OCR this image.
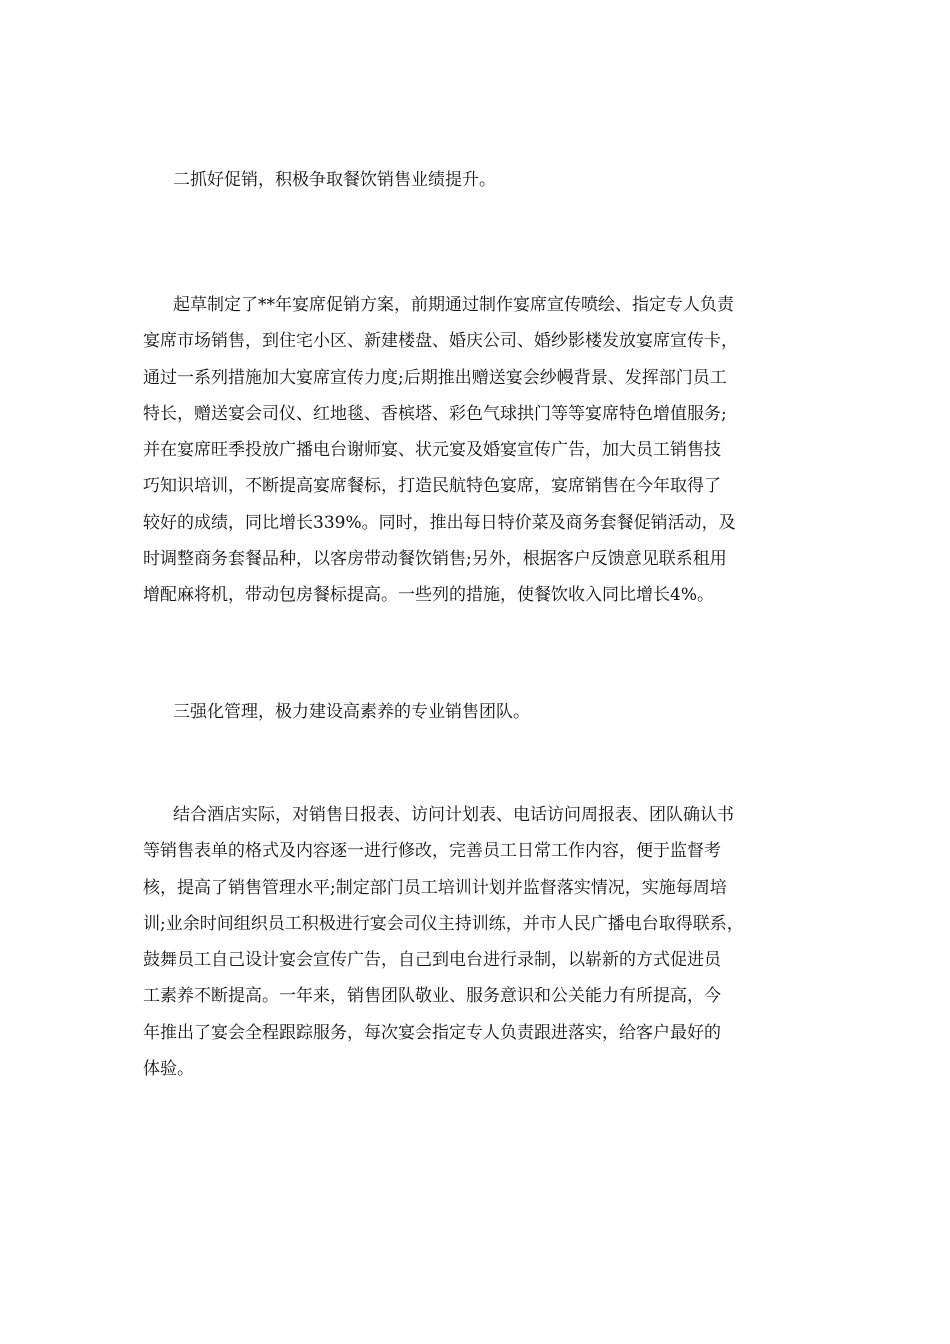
二抓好促销，积极争取餐饮销售业绩提升。
起草制定了**年宴席促销方案，前期通过制作宴席宣传喷绘、指定专人负责
宴席市场销售，到住宅小区、新建楼盘、婚庆公司、婚纱影楼发放宴席宣传卡，
通过一系列措施加大宴席宣传力度;后期推出赠送宴会纱幔背景、发挥部门员工
特长，赠送宴会司仪、红地毯、香槟塔、彩色气球拱门等等宴席特色增值服务;
并在宴席旺季投放广播电台谢师宴、状元宴及婚宴宣传广告，加大员工销售技
巧知识培训，不断提高宴席餐标，打造民航特色宴席，宴席销售在今年取得了
较好的成绩，同比增长339%。同时，推出每日特价菜及商务套餐促销活动，及
时调整商务套餐品种，以客房带动餐饮销售;另外，根据客户反馈意见联系租用
增配麻将机，带动包房餐标提高。一些列的措施，使餐饮收入同比增长4%。
三强化管理，极力建设高素养的专业销售团队。
结合酒店实际，对销售日报表、访问计划表、电话访问周报表、团队确认书
等销售表单的格式及内容逐一进行修改，完善员工日常工作内容，便于监督考
核，提高了销售管理水平;制定部门员工培训计划并监督落实情况，实施每周培
训;业余时间组织员工积极进行宴会司仪主持训练，并市人民广播电台取得联系，
鼓舞员工自己设计宴会宣传广告，自己到电台进行录制，以崭新的方式促进员
工素养不断提高。一年来，销售团队敬业、服务意识和公关能力有所提高，今
年推出了宴会全程跟踪服务，每次宴会指定专人负责跟进落实，给客户最好的
体验。
